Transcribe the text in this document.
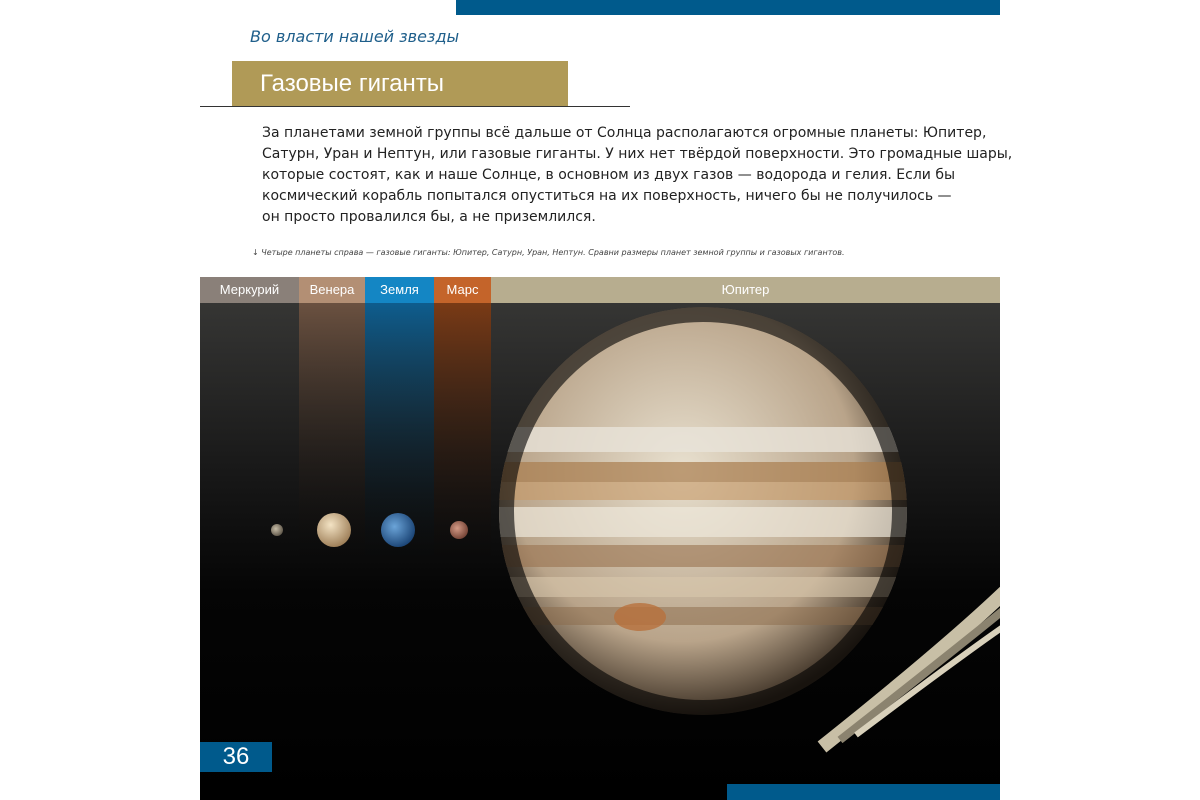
Во власти нашей звезды
Газовые гиганты
За планетами земной группы всё дальше от Солнца располагаются огромные планеты: Юпитер,
Сатурн, Уран и Нептун, или газовые гиганты. У них нет твёрдой поверхности. Это громадные шары,
которые состоят, как и наше Солнце, в основном из двух газов — водорода и гелия. Если бы
космический корабль попытался опуститься на их поверхность, ничего бы не получилось —
он просто провалился бы, а не приземлился.
↓ Четыре планеты справа — газовые гиганты: Юпитер, Сатурн, Уран, Нептун. Сравни размеры планет земной группы и газовых гигантов.
Меркурий	Венера	Земля	Марс	Юпитер
36
